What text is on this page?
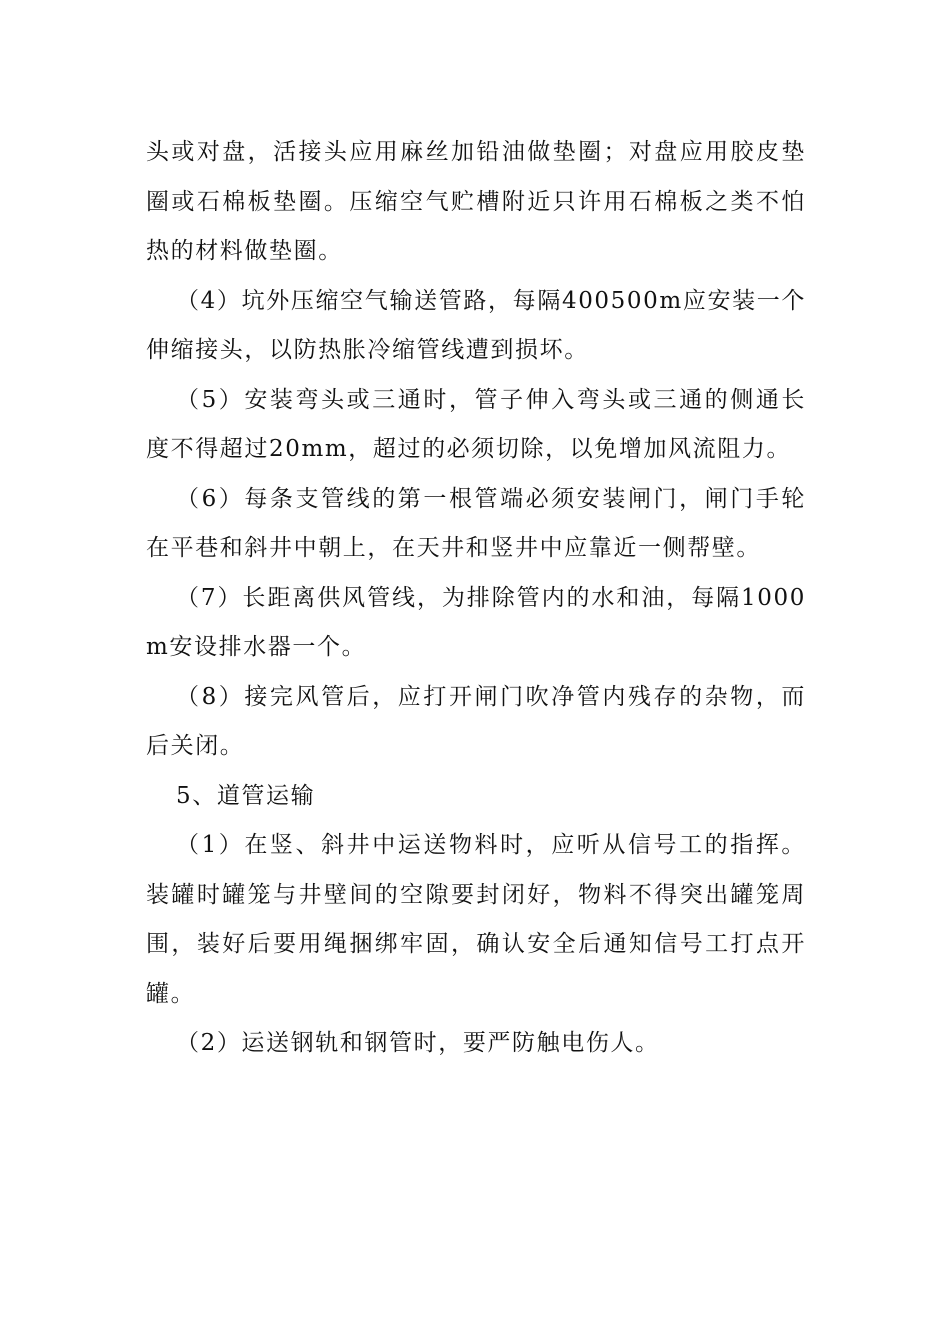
头或对盘，活接头应用麻丝加铅油做垫圈；对盘应用胶皮垫圈或石棉板垫圈。压缩空气贮槽附近只许用石棉板之类不怕热的材料做垫圈。

（4）坑外压缩空气输送管路，每隔400500m应安装一个伸缩接头，以防热胀冷缩管线遭到损坏。

（5）安装弯头或三通时，管子伸入弯头或三通的侧通长度不得超过20mm，超过的必须切除，以免增加风流阻力。

（6）每条支管线的第一根管端必须安装闸门，闸门手轮在平巷和斜井中朝上，在天井和竖井中应靠近一侧帮壁。

（7）长距离供风管线，为排除管内的水和油，每隔1000m安设排水器一个。

（8）接完风管后，应打开闸门吹净管内残存的杂物，而后关闭。

5、道管运输

（1）在竖、斜井中运送物料时，应听从信号工的指挥。装罐时罐笼与井壁间的空隙要封闭好，物料不得突出罐笼周围，装好后要用绳捆绑牢固，确认安全后通知信号工打点开罐。

（2）运送钢轨和钢管时，要严防触电伤人。
